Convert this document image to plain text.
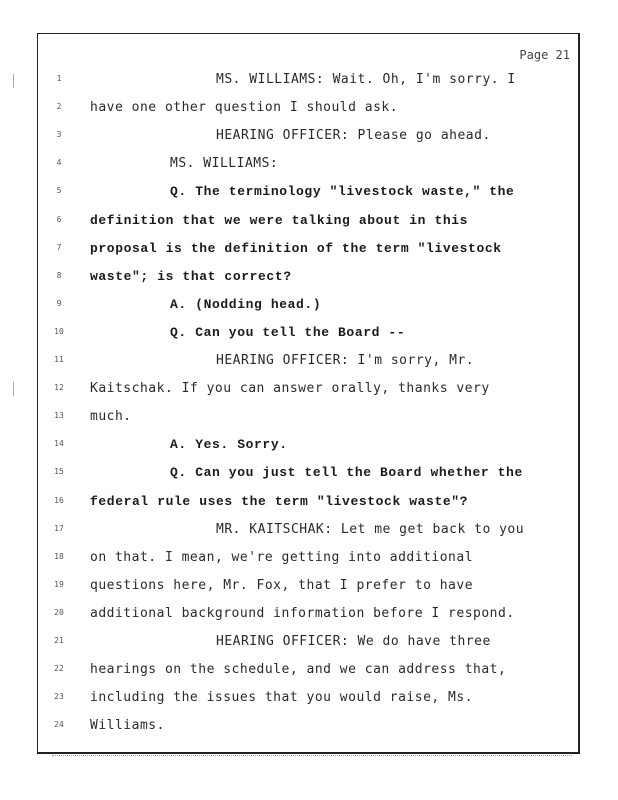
Page 21
1	MS. WILLIAMS: Wait. Oh, I'm sorry. I
2	have one other question I should ask.
3	HEARING OFFICER: Please go ahead.
4	MS. WILLIAMS:
5	Q. The terminology "livestock waste," the
6	definition that we were talking about in this
7	proposal is the definition of the term "livestock
8	waste"; is that correct?
9	A. (Nodding head.)
10	Q. Can you tell the Board --
11	HEARING OFFICER: I'm sorry, Mr.
12	Kaitschak. If you can answer orally, thanks very
13	much.
14	A. Yes. Sorry.
15	Q. Can you just tell the Board whether the
16	federal rule uses the term "livestock waste"?
17	MR. KAITSCHAK: Let me get back to you
18	on that. I mean, we're getting into additional
19	questions here, Mr. Fox, that I prefer to have
20	additional background information before I respond.
21	HEARING OFFICER: We do have three
22	hearings on the schedule, and we can address that,
23	including the issues that you would raise, Ms.
24	Williams.
